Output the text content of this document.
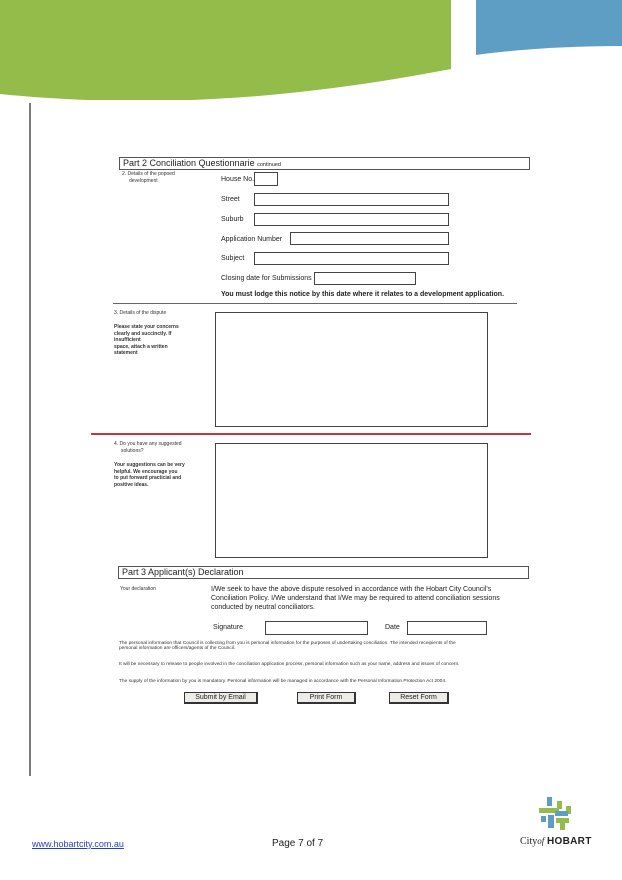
Part 2 Conciliation Questionnarie continued
2. Details of the popoed
development	House No.
Street
Suburb
Application Number
Subject
Closing date for Submissions
You must lodge this notice by this date where it relates to a development application.
3. Details of the dispute
Please state your concerns
clearly and succinctly. If
insufficient
space, attach a written
statement
4. Do you have any suggested
solutions?
Your suggestions can be very
helpful. We encourage you
to put forward practicial and
positive ideas.
Part 3 Applicant(s) Declaration
Your declaration	I/We seek to have the above dispute resolved in accordance with the Hobart City Council's Conciliation Policy. I/We understand that I/We may be required to attend conciliation sessions conducted by neutral conciliators.
Signature	Date
The personal information that Council is collecting from you is personal information for the purposes of undertaking conciliation. The intended receipients of the
personal information are officers/agents of the Council.
It will be necessary to release to people involved in the conciliation application process, personal information such as your name, address and issues of concern.
The supply of the information by you is mandatory. Personal information will be managed in accordance with the Personal Information Protection Act 2004.
Submit by Email	Print Form	Reset Form
www.hobartcity.com.au	Page 7 of 7	Cityof HOBART
